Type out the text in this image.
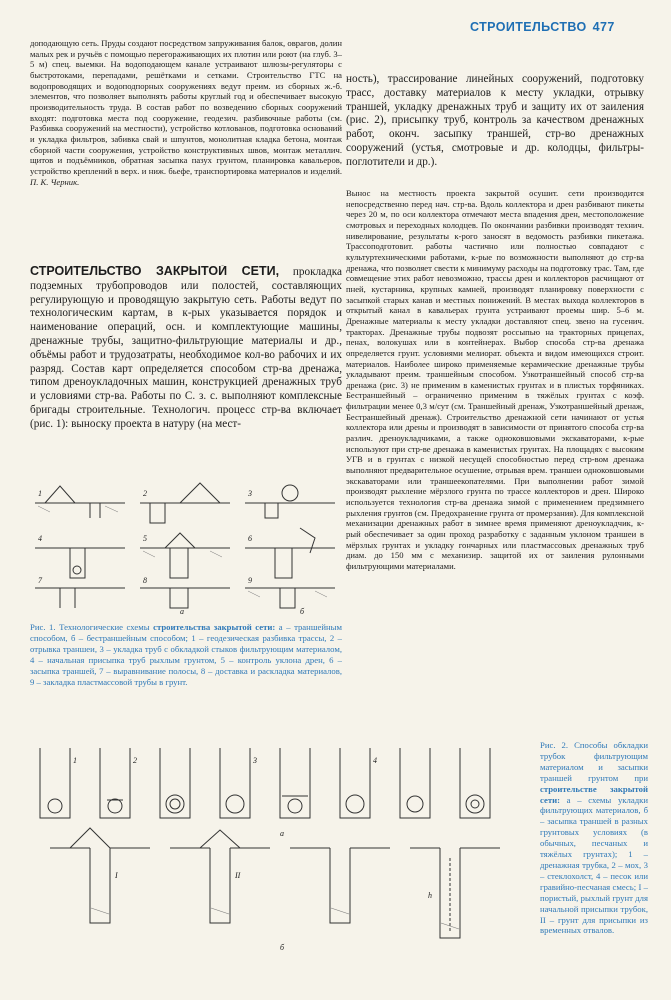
СТРОИТЕЛЬСТВО 477

доподающую сеть. Пруды создают посредством запруживания балок, оврагов, долин малых рек и ручьёв с помощью перегораживающих их плотин или роют (на глуб. 3–5 м) спец. выемки. На водоподающем канале устраивают шлюзы-регуляторы с быстротоками, перепадами, решётками и сетками. Строительство ГТС на водопроводящих и водоподпорных сооружениях ведут преим. из сборных ж.-б. элементов, что позволяет выполнять работы круглый год и обеспечивает высокую производительность труда. В состав работ по возведению сборных сооружений входят: подготовка места под сооружение, геодезич. разбивочные работы (см. Разбивка сооружений на местности), устройство котлованов, подготовка оснований и укладка фильтров, забивка свай и шпунтов, монолитная кладка бетона, монтаж сборной части сооружения, устройство конструктивных швов, монтаж металлич. щитов и подъёмников, обратная засыпка пазух грунтом, планировка кавальеров, устройство креплений в верх. и ниж. бьефе, транспортировка материалов и изделий. П. К. Черник.

СТРОИТЕЛЬСТВО ЗАКРЫТОЙ СЕТИ, прокладка подземных трубопроводов или полостей, составляющих регулирующую и проводящую закрытую сеть. Работы ведут по технологическим картам, в к-рых указывается порядок и наименование операций, осн. и комплектующие машины, дренажные трубы, защитно-фильтрующие материалы и др., объёмы работ и трудозатраты, необходимое кол-во рабочих и их разряд. Состав карт определяется способом стр-ва дренажа, типом дреноукладочных машин, конструкцией дренажных труб и условиями стр-ва. Работы по С. з. с. выполняют комплексные бригады строительные. Технологич. процесс стр-ва включает (рис. 1): выноску проекта в натуру (на мест-

ность), трассирование линейных сооружений, подготовку трасс, доставку материалов к месту укладки, отрывку траншей, укладку дренажных труб и защиту их от заиления (рис. 2), присыпку труб, контроль за качеством дренажных работ, оконч. засыпку траншей, стр-во дренажных сооружений (устья, смотровые и др. колодцы, фильтры-поглотители и др.).

Вынос на местность проекта закрытой осушит. сети производится непосредственно перед нач. стр-ва. Вдоль коллектора и дрен разбивают пикеты через 20 м, по оси коллектора отмечают места впадения дрен, местоположение смотровых и переходных колодцев. По окончании разбивки производят технич. нивелирование, результаты к-рого заносят в ведомость разбивки пикетажа. Трассоподготовит. работы частично или полностью совпадают с культуртехническими работами, к-рые по возможности выполняют до стр-ва дренажа, что позволяет свести к минимуму расходы на подготовку трас. Там, где совмещение этих работ невозможно, трассы дрен и коллекторов расчищают от пней, кустарника, крупных камней, производят планировку поверхности с засыпкой старых канав и местных понижений. В местах выхода коллекторов в открытый канал в кавальерах грунта устраивают проемы шир. 5–6 м. Дренажные материалы к месту укладки доставляют спец. звено на гусенич. тракторах. Дренажные трубы подвозят россыпью на тракторных прицепах, пенах, волокушах или в контейнерах. Выбор способа стр-ва дренажа определяется грунт. условиями мелиорат. объекта и видом имеющихся строит. материалов. Наиболее широко применяемые керамические дренажные трубы укладывают преим. траншейным способом. Узкотраншейный способ стр-ва дренажа (рис. 3) не применим в каменистых грунтах и в плистых торфяниках. Бестраншейный – ограниченно применим в тяжёлых грунтах с коэф. фильтрации менее 0,3 м/сут (см. Траншейный дренаж, Узкотраншейный дренаж, Бестраншейный дренаж). Строительство дренажной сети начинают от устья коллектора или дрены и производят в зависимости от принятого способа стр-ва различ. дреноукладчиками, а также одноковшовыми экскаваторами, к-рые используют при стр-ве дренажа в каменистых грунтах. На площадях с высоким УГВ и в грунтах с низкой несущей способностью перед стр-вом дренажа выполняют предварительное осушение, отрывая врем. траншеи одноковшовыми экскаваторами или траншеекопателями. При выполнении работ зимой производят рыхление мёрзлого грунта по трассе коллекторов и дрен. Широко используется технология стр-ва дренажа зимой с применением предзимнего рыхления грунтов (см. Предохранение грунта от промерзания). Для комплексной механизации дренажных работ в зимнее время применяют дреноукладчик, к-рый обеспечивает за один проход разработку с заданным уклоном траншеи в мёрзлых грунтах и укладку гончарных или пластмассовых дренажных труб диам. до 150 мм с механизир. защитой их от заиления рулонными фильтрующими материалами.

1	2	3
4	5	6
7	8	9
а	б
Рис. 1. Технологические схемы строительства закрытой сети: а – траншейным способом, б – бестраншейным способом; 1 – геодезическая разбивка трассы, 2 – отрывка траншеи, 3 – укладка труб с обкладкой стыков фильтрующим материалом, 4 – начальная присыпка труб рыхлым грунтом, 5 – контроль уклона дрен, 6 – засыпка траншей, 7 – выравнивание полосы, 8 – доставка и раскладка материалов, 9 – закладка пластмассовой трубы в грунт.
1	2	3	4
I	II
а
б
h
Рис. 2. Способы обкладки трубок фильтрующим материалом и засыпки траншей грунтом при строительстве закрытой сети: а – схемы укладки фильтрующих материалов, б – засыпка траншей в разных грунтовых условиях (в обычных, песчаных и тяжёлых грунтах); 1 – дренажная трубка, 2 – мох, 3 – стеклохолст, 4 – песок или гравийно-песчаная смесь; I – пористый, рыхлый грунт для начальной присыпки трубок, II – грунт для присыпки из временных отвалов.
